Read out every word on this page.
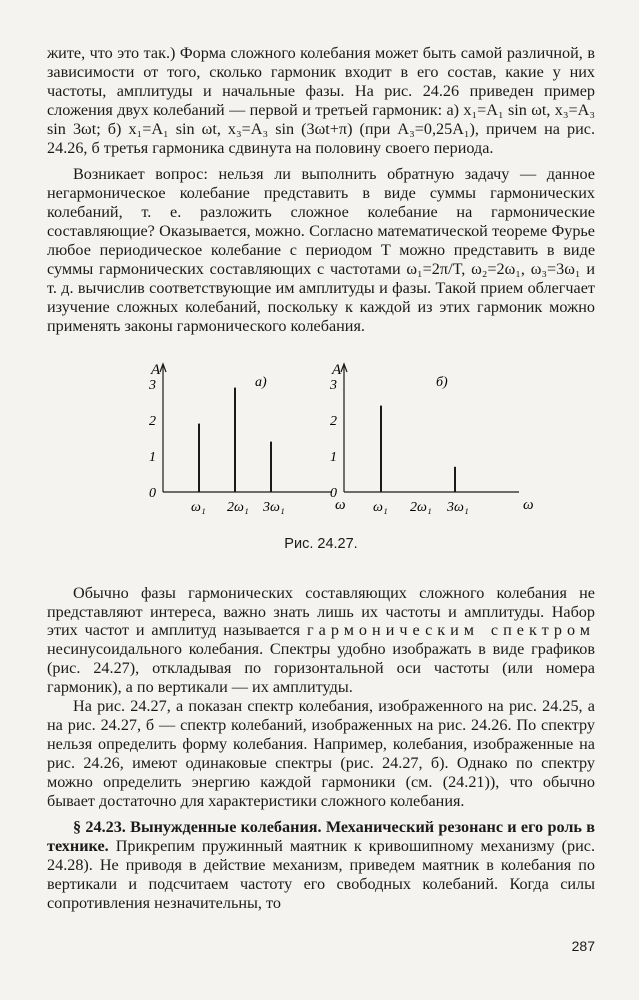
жите, что это так.) Форма сложного колебания может быть самой различной, в зависимости от того, сколько гармоник входит в его состав, какие у них частоты, амплитуды и начальные фазы. На рис. 24.26 приведен пример сложения двух колебаний — первой и третьей гармоник: а) x₁=A₁ sin ωt, x₃=A₃ sin 3ωt; б) x₁=A₁ sin ωt, x₃=A₃ sin (3ωt+π) (при A₃=0,25A₁), причем на рис. 24.26, б третья гармоника сдвинута на половину своего периода.

Возникает вопрос: нельзя ли выполнить обратную задачу — данное негармоническое колебание представить в виде суммы гармонических колебаний, т. е. разложить сложное колебание на гармонические составляющие? Оказывается, можно. Согласно математической теореме Фурье любое периодическое колебание с периодом T можно представить в виде суммы гармонических составляющих с частотами ω₁=2π/T, ω₂=2ω₁, ω₃=3ω₁ и т. д. вычислив соответствующие им амплитуды и фазы. Такой прием облегчает изучение сложных колебаний, поскольку к каждой из этих гармоник можно применять законы гармонического колебания.

A
ω
а)
0
1
2
3
ω₁ 2ω₁ 3ω₁
A
ω
б)
0
1
2
3
ω₁ 2ω₁ 3ω₁
Рис. 24.27.

Обычно фазы гармонических составляющих сложного колебания не представляют интереса, важно знать лишь их частоты и амплитуды. Набор этих частот и амплитуд называется гармоническим спектром несинусоидального колебания. Спектры удобно изображать в виде графиков (рис. 24.27), откладывая по горизонтальной оси частоты (или номера гармоник), а по вертикали — их амплитуды.

На рис. 24.27, а показан спектр колебания, изображенного на рис. 24.25, а на рис. 24.27, б — спектр колебаний, изображенных на рис. 24.26. По спектру нельзя определить форму колебания. Например, колебания, изображенные на рис. 24.26, имеют одинаковые спектры (рис. 24.27, б). Однако по спектру можно определить энергию каждой гармоники (см. (24.21)), что обычно бывает достаточно для характеристики сложного колебания.

§ 24.23. Вынужденные колебания. Механический резонанс и его роль в технике. Прикрепим пружинный маятник к кривошипному механизму (рис. 24.28). Не приводя в действие механизм, приведем маятник в колебания по вертикали и подсчитаем частоту его свободных колебаний. Когда силы сопротивления незначительны, то

287
